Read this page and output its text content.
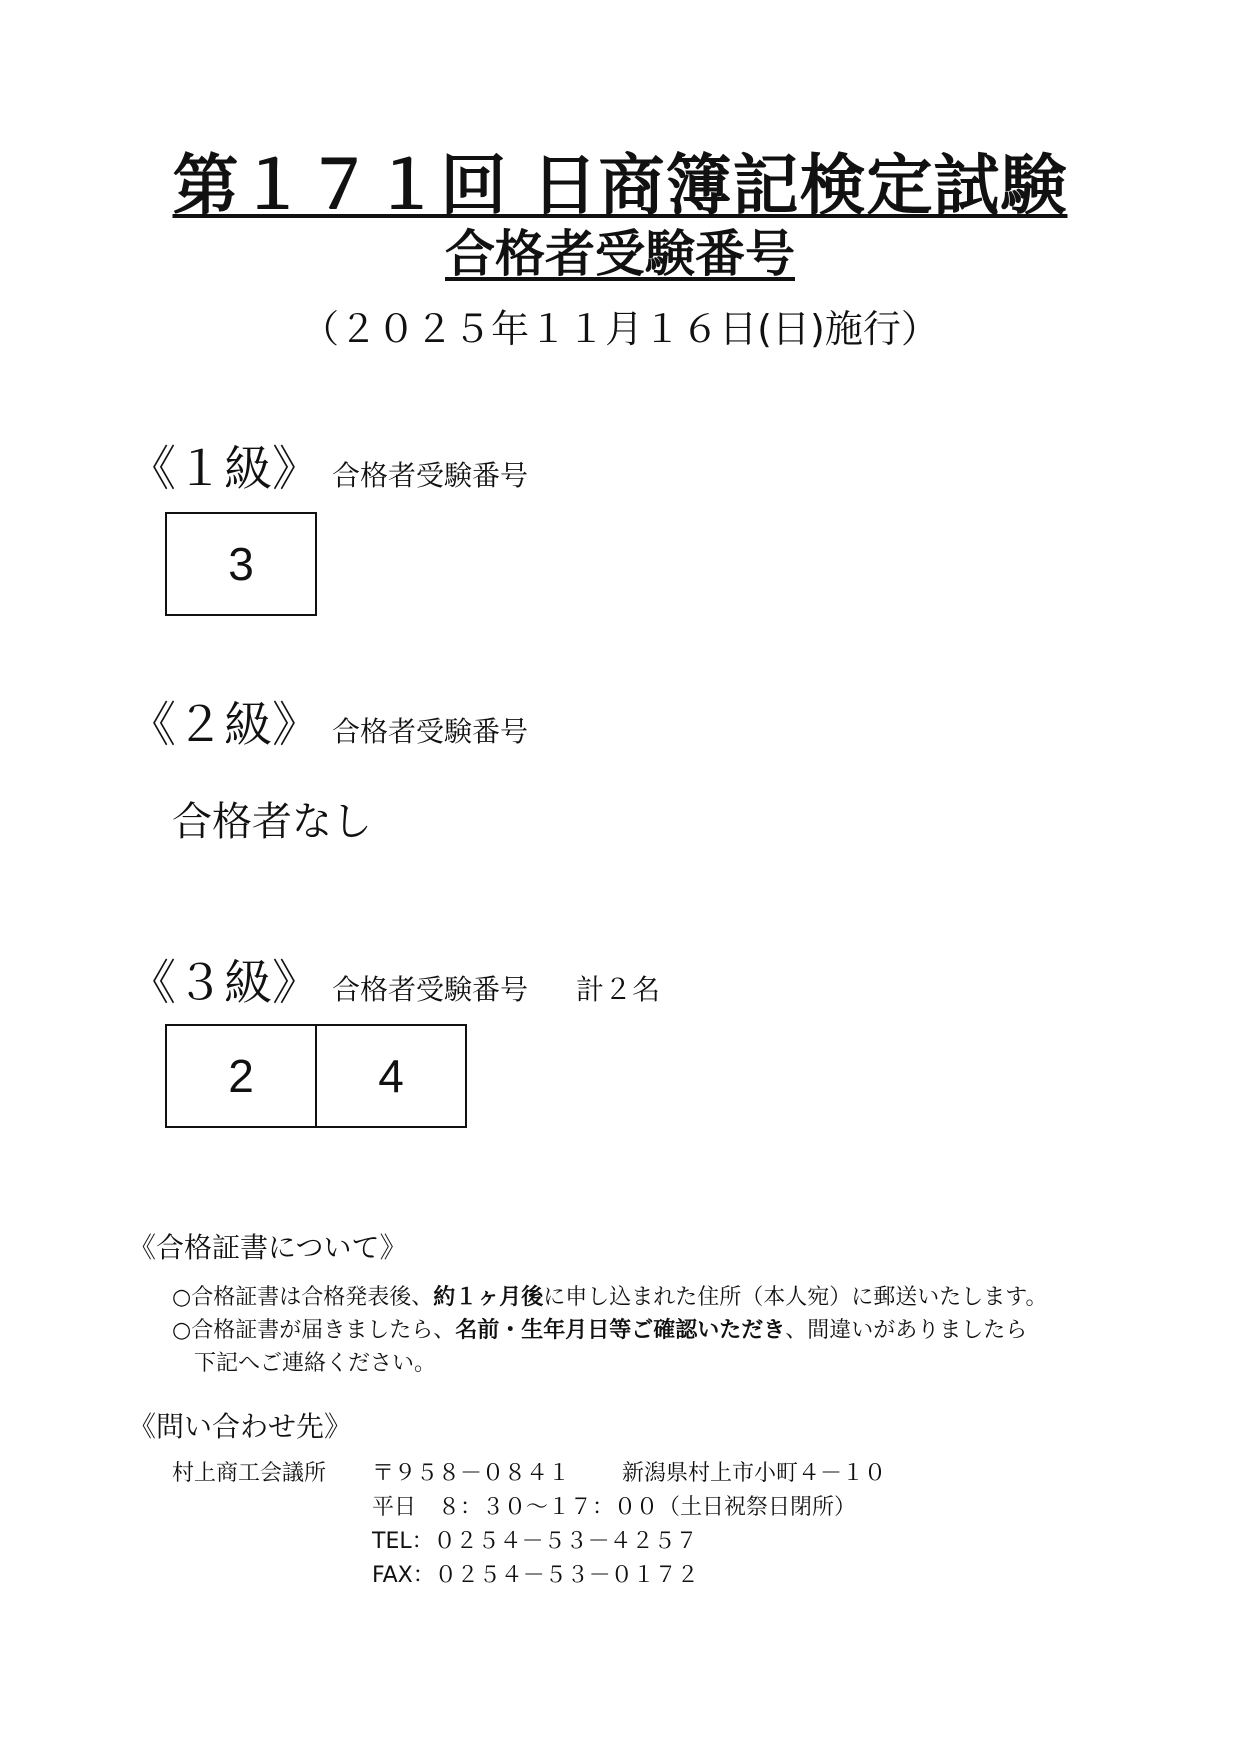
第１７１回 日商簿記検定試験
合格者受験番号
（２０２５年１１月１６日(日)施行）
《１級》 合格者受験番号
3
《２級》 合格者受験番号
合格者なし
《３級》 合格者受験番号 計２名
2	4
《合格証書について》
○合格証書は合格発表後、約１ヶ月後に申し込まれた住所（本人宛）に郵送いたします。
○合格証書が届きましたら、名前・生年月日等ご確認いただき、間違いがありましたら
下記へご連絡ください。
《問い合わせ先》
村上商工会議所 〒９５８－０８４１ 新潟県村上市小町４－１０
平日　８：３０～１７：００（土日祝祭日閉所）
TEL：０２５４－５３－４２５７
FAX：０２５４－５３－０１７２
